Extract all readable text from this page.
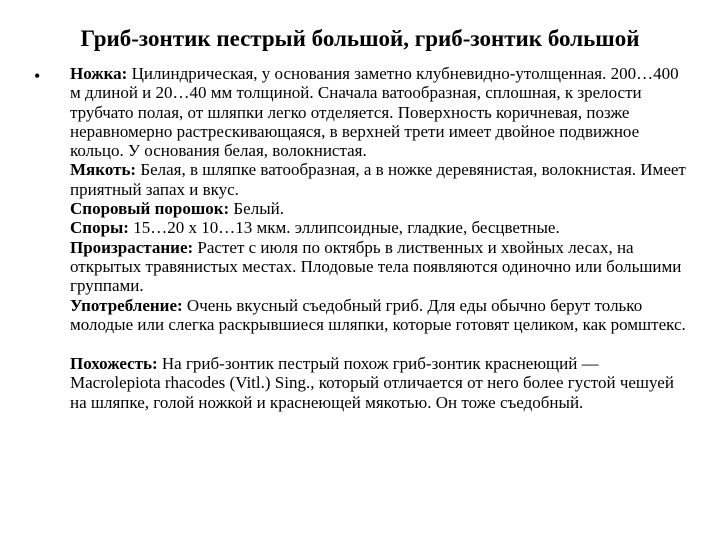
Гриб-зонтик пестрый большой, гриб-зонтик большой
• Ножка: Цилиндрическая, у основания заметно клубневидно-утолщенная. 200…400 м длиной и 20…40 мм толщиной. Сначала ватообразная, сплошная, к зрелости трубчато полая, от шляпки легко отделяется. Поверхность коричневая, позже неравномерно растрескивающаяся, в верхней трети имеет двойное подвижное кольцо. У основания белая, волокнистая.

Мякоть: Белая, в шляпке ватообразная, а в ножке деревянистая, волокнистая. Имеет приятный запах и вкус.

Споровый порошок: Белый.

Споры: 15…20 х 10…13 мкм. эллипсоидные, гладкие, бесцветные.

Произрастание: Растет с июля по октябрь в лиственных и хвойных лесах, на открытых травянистых местах. Плодовые тела появляются одиночно или большими группами.

Употребление: Очень вкусный съедобный гриб. Для еды обычно берут только молодые или слегка раскрывшиеся шляпки, которые готовят целиком, как ромштекс.

Похожесть: На гриб-зонтик пестрый похож гриб-зонтик краснеющий — Macrolepiota rhacodes (Vitl.) Sing., который отличается от него более густой чешуей на шляпке, голой ножкой и краснеющей мякотью. Он тоже съедобный.
